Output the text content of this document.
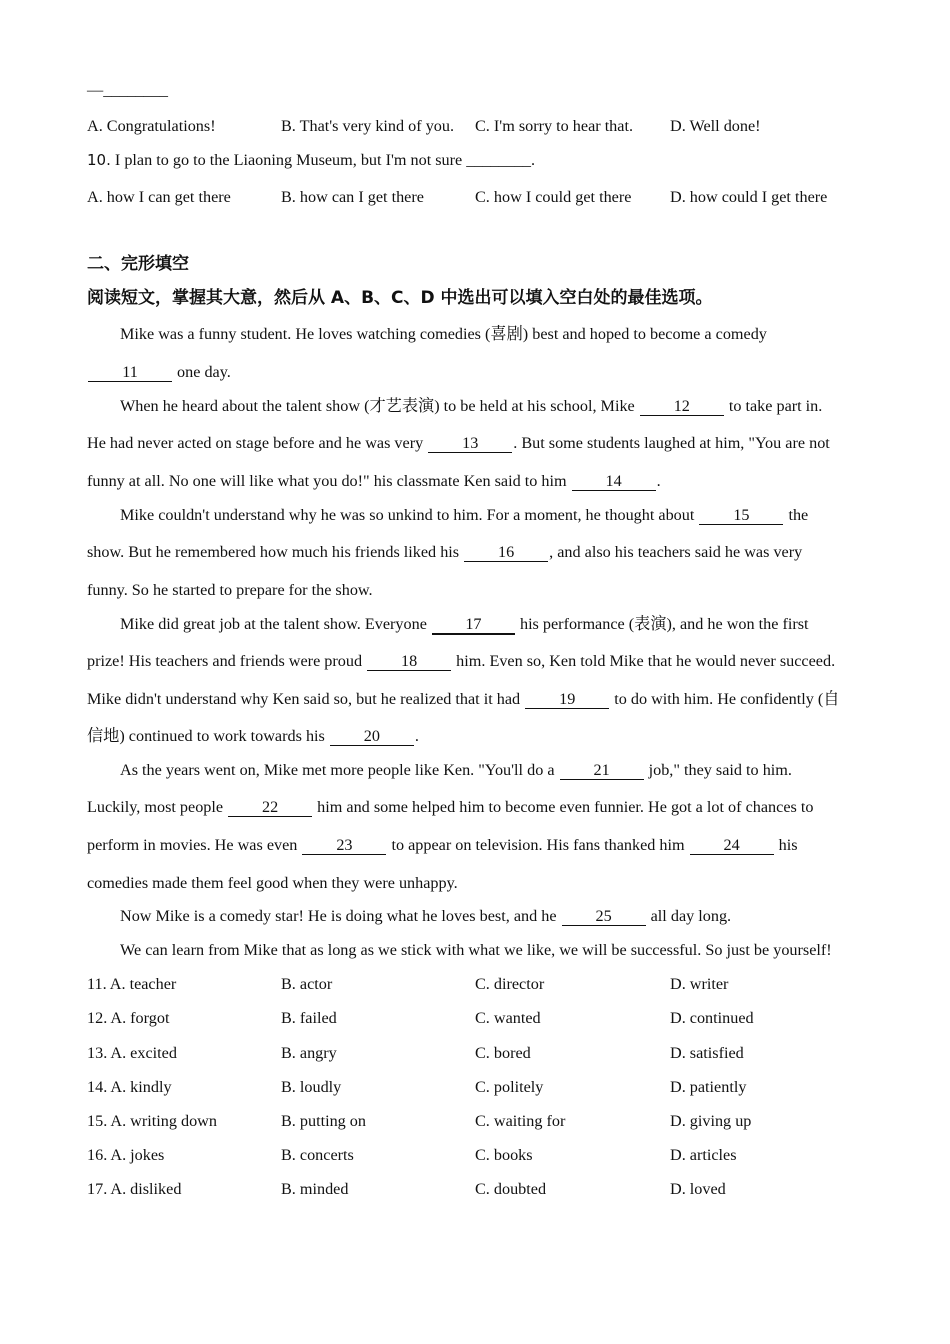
—________
A. Congratulations!	B. That's very kind of you. C. I'm sorry to hear that. D. Well done!
10. I plan to go to the Liaoning Museum, but I'm not sure ________.
A. how I can get there	B. how can I get there	C. how I could get there D. how could I get there
二、完形填空
阅读短文，掌握其大意，然后从 A、B、C、D 中选出可以填入空白处的最佳选项。
Mike was a funny student. He loves watching comedies (喜剧) best and hoped to become a comedy
11 one day.
When he heard about the talent show (才艺表演) to be held at his school, Mike 12 to take part in.
He had never acted on stage before and he was very 13 . But some students laughed at him, "You are not
funny at all. No one will like what you do!" his classmate Ken said to him 14 .
Mike couldn't understand why he was so unkind to him. For a moment, he thought about 15 the
show. But he remembered how much his friends liked his 16 , and also his teachers said he was very
funny. So he started to prepare for the show.
Mike did great job at the talent show. Everyone 17 his performance (表演), and he won the first
prize! His teachers and friends were proud 18 him. Even so, Ken told Mike that he would never succeed.
Mike didn't understand why Ken said so, but he realized that it had 19 to do with him. He confidently (自
信地) continued to work towards his 20 .
As the years went on, Mike met more people like Ken. "You'll do a 21 job," they said to him.
Luckily, most people 22 him and some helped him to become even funnier. He got a lot of chances to
perform in movies. He was even 23 to appear on television. His fans thanked him 24 his
comedies made them feel good when they were unhappy.
Now Mike is a comedy star! He is doing what he loves best, and he 25 all day long.
We can learn from Mike that as long as we stick with what we like, we will be successful. So just be yourself!
11. A. teacher	B. actor	C. director	D. writer
12. A. forgot	B. failed	C. wanted	D. continued
13. A. excited	B. angry	C. bored	D. satisfied
14. A. kindly	B. loudly	C. politely	D. patiently
15. A. writing down	B. putting on	C. waiting for	D. giving up
16. A. jokes	B. concerts	C. books	D. articles
17. A. disliked	B. minded	C. doubted	D. loved
